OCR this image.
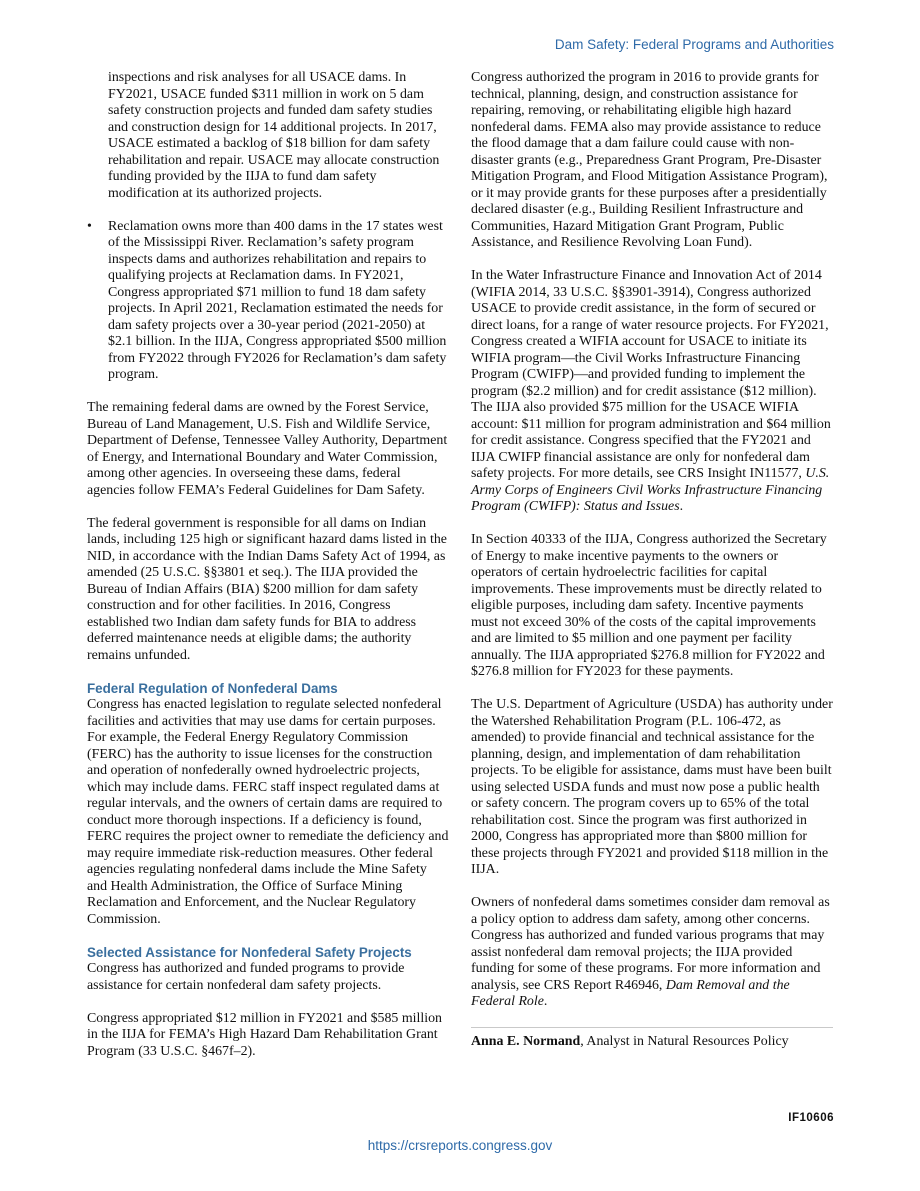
Dam Safety: Federal Programs and Authorities

inspections and risk analyses for all USACE dams. In FY2021, USACE funded $311 million in work on 5 dam safety construction projects and funded dam safety studies and construction design for 14 additional projects. In 2017, USACE estimated a backlog of $18 billion for dam safety rehabilitation and repair. USACE may allocate construction funding provided by the IIJA to fund dam safety modification at its authorized projects.

• Reclamation owns more than 400 dams in the 17 states west of the Mississippi River. Reclamation’s safety program inspects dams and authorizes rehabilitation and repairs to qualifying projects at Reclamation dams. In FY2021, Congress appropriated $71 million to fund 18 dam safety projects. In April 2021, Reclamation estimated the needs for dam safety projects over a 30-year period (2021-2050) at $2.1 billion. In the IIJA, Congress appropriated $500 million from FY2022 through FY2026 for Reclamation’s dam safety program.

The remaining federal dams are owned by the Forest Service, Bureau of Land Management, U.S. Fish and Wildlife Service, Department of Defense, Tennessee Valley Authority, Department of Energy, and International Boundary and Water Commission, among other agencies. In overseeing these dams, federal agencies follow FEMA’s Federal Guidelines for Dam Safety.

The federal government is responsible for all dams on Indian lands, including 125 high or significant hazard dams listed in the NID, in accordance with the Indian Dams Safety Act of 1994, as amended (25 U.S.C. §§3801 et seq.). The IIJA provided the Bureau of Indian Affairs (BIA) $200 million for dam safety construction and for other facilities. In 2016, Congress established two Indian dam safety funds for BIA to address deferred maintenance needs at eligible dams; the authority remains unfunded.

Federal Regulation of Nonfederal Dams

Congress has enacted legislation to regulate selected nonfederal facilities and activities that may use dams for certain purposes. For example, the Federal Energy Regulatory Commission (FERC) has the authority to issue licenses for the construction and operation of nonfederally owned hydroelectric projects, which may include dams. FERC staff inspect regulated dams at regular intervals, and the owners of certain dams are required to conduct more thorough inspections. If a deficiency is found, FERC requires the project owner to remediate the deficiency and may require immediate risk-reduction measures. Other federal agencies regulating nonfederal dams include the Mine Safety and Health Administration, the Office of Surface Mining Reclamation and Enforcement, and the Nuclear Regulatory Commission.

Selected Assistance for Nonfederal Safety Projects

Congress has authorized and funded programs to provide assistance for certain nonfederal dam safety projects.

Congress appropriated $12 million in FY2021 and $585 million in the IIJA for FEMA’s High Hazard Dam Rehabilitation Grant Program (33 U.S.C. §467f–2).

Congress authorized the program in 2016 to provide grants for technical, planning, design, and construction assistance for repairing, removing, or rehabilitating eligible high hazard nonfederal dams. FEMA also may provide assistance to reduce the flood damage that a dam failure could cause with non-disaster grants (e.g., Preparedness Grant Program, Pre-Disaster Mitigation Program, and Flood Mitigation Assistance Program), or it may provide grants for these purposes after a presidentially declared disaster (e.g., Building Resilient Infrastructure and Communities, Hazard Mitigation Grant Program, Public Assistance, and Resilience Revolving Loan Fund).

In the Water Infrastructure Finance and Innovation Act of 2014 (WIFIA 2014, 33 U.S.C. §§3901-3914), Congress authorized USACE to provide credit assistance, in the form of secured or direct loans, for a range of water resource projects. For FY2021, Congress created a WIFIA account for USACE to initiate its WIFIA program—the Civil Works Infrastructure Financing Program (CWIFP)—and provided funding to implement the program ($2.2 million) and for credit assistance ($12 million). The IIJA also provided $75 million for the USACE WIFIA account: $11 million for program administration and $64 million for credit assistance. Congress specified that the FY2021 and IIJA CWIFP financial assistance are only for nonfederal dam safety projects. For more details, see CRS Insight IN11577, U.S. Army Corps of Engineers Civil Works Infrastructure Financing Program (CWIFP): Status and Issues.

In Section 40333 of the IIJA, Congress authorized the Secretary of Energy to make incentive payments to the owners or operators of certain hydroelectric facilities for capital improvements. These improvements must be directly related to eligible purposes, including dam safety. Incentive payments must not exceed 30% of the costs of the capital improvements and are limited to $5 million and one payment per facility annually. The IIJA appropriated $276.8 million for FY2022 and $276.8 million for FY2023 for these payments.

The U.S. Department of Agriculture (USDA) has authority under the Watershed Rehabilitation Program (P.L. 106-472, as amended) to provide financial and technical assistance for the planning, design, and implementation of dam rehabilitation projects. To be eligible for assistance, dams must have been built using selected USDA funds and must now pose a public health or safety concern. The program covers up to 65% of the total rehabilitation cost. Since the program was first authorized in 2000, Congress has appropriated more than $800 million for these projects through FY2021 and provided $118 million in the IIJA.

Owners of nonfederal dams sometimes consider dam removal as a policy option to address dam safety, among other concerns. Congress has authorized and funded various programs that may assist nonfederal dam removal projects; the IIJA provided funding for some of these programs. For more information and analysis, see CRS Report R46946, Dam Removal and the Federal Role.

Anna E. Normand, Analyst in Natural Resources Policy

IF10606
https://crsreports.congress.gov
